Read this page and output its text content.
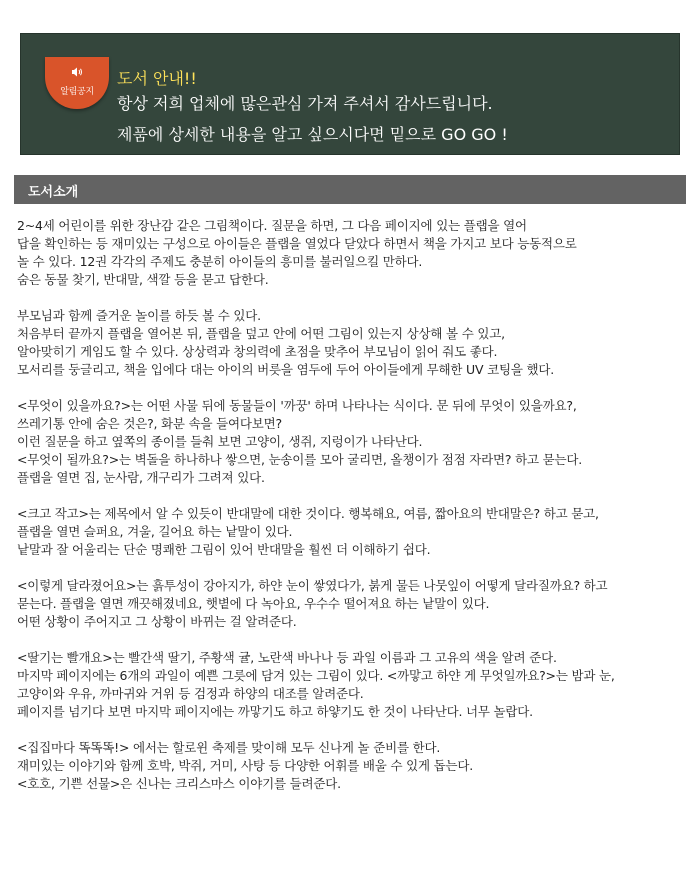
알림공지
도서 안내!!
항상 저희 업체에 많은관심 가져 주셔서 감사드립니다.
제품에 상세한 내용을 알고 싶으시다면 밑으로 GO GO !
도서소개
2~4세 어린이를 위한 장난감 같은 그림책이다. 질문을 하면, 그 다음 페이지에 있는 플랩을 열어
답을 확인하는 등 재미있는 구성으로 아이들은 플랩을 열었다 닫았다 하면서 책을 가지고 보다 능동적으로
놀 수 있다. 12권 각각의 주제도 충분히 아이들의 흥미를 불러일으킬 만하다.
숨은 동물 찾기, 반대말, 색깔 등을 묻고 답한다.
부모님과 함께 즐거운 놀이를 하듯 볼 수 있다.
처음부터 끝까지 플랩을 열어본 뒤, 플랩을 덮고 안에 어떤 그림이 있는지 상상해 볼 수 있고,
알아맞히기 게임도 할 수 있다. 상상력과 창의력에 초점을 맞추어 부모님이 읽어 줘도 좋다.
모서리를 둥글리고, 책을 입에다 대는 아이의 버릇을 염두에 두어 아이들에게 무해한 UV 코팅을 했다.
<무엇이 있을까요?>는 어떤 사물 뒤에 동물들이 '까꿍' 하며 나타나는 식이다. 문 뒤에 무엇이 있을까요?,
쓰레기통 안에 숨은 것은?, 화분 속을 들여다보면?
이런 질문을 하고 옆쪽의 종이를 들춰 보면 고양이, 생쥐, 지렁이가 나타난다.
<무엇이 될까요?>는 벽돌을 하나하나 쌓으면, 눈송이를 모아 굴리면, 올챙이가 점점 자라면? 하고 묻는다.
플랩을 열면 집, 눈사람, 개구리가 그려져 있다.
<크고 작고>는 제목에서 알 수 있듯이 반대말에 대한 것이다. 행복해요, 여름, 짧아요의 반대말은? 하고 묻고,
플랩을 열면 슬퍼요, 겨울, 길어요 하는 낱말이 있다.
낱말과 잘 어울리는 단순 명쾌한 그림이 있어 반대말을 훨씬 더 이해하기 쉽다.
<이렇게 달라졌어요>는 흙투성이 강아지가, 하얀 눈이 쌓였다가, 붉게 물든 나뭇잎이 어떻게 달라질까요? 하고
묻는다. 플랩을 열면 깨끗해졌네요, 햇볕에 다 녹아요, 우수수 떨어져요 하는 낱말이 있다.
어떤 상황이 주어지고 그 상황이 바뀌는 걸 알려준다.
<딸기는 빨개요>는 빨간색 딸기, 주황색 귤, 노란색 바나나 등 과일 이름과 그 고유의 색을 알려 준다.
마지막 페이지에는 6개의 과일이 예쁜 그릇에 담겨 있는 그림이 있다. <까맣고 하얀 게 무엇일까요?>는 밤과 눈,
고양이와 우유, 까마귀와 거위 등 검정과 하양의 대조를 알려준다.
페이지를 넘기다 보면 마지막 페이지에는 까맣기도 하고 하얗기도 한 것이 나타난다. 너무 놀랍다.
<집집마다 똑똑똑!> 에서는 할로윈 축제를 맞이해 모두 신나게 놀 준비를 한다.
재미있는 이야기와 함께 호박, 박쥐, 거미, 사탕 등 다양한 어휘를 배울 수 있게 돕는다.
<호호, 기쁜 선물>은 신나는 크리스마스 이야기를 들려준다.
